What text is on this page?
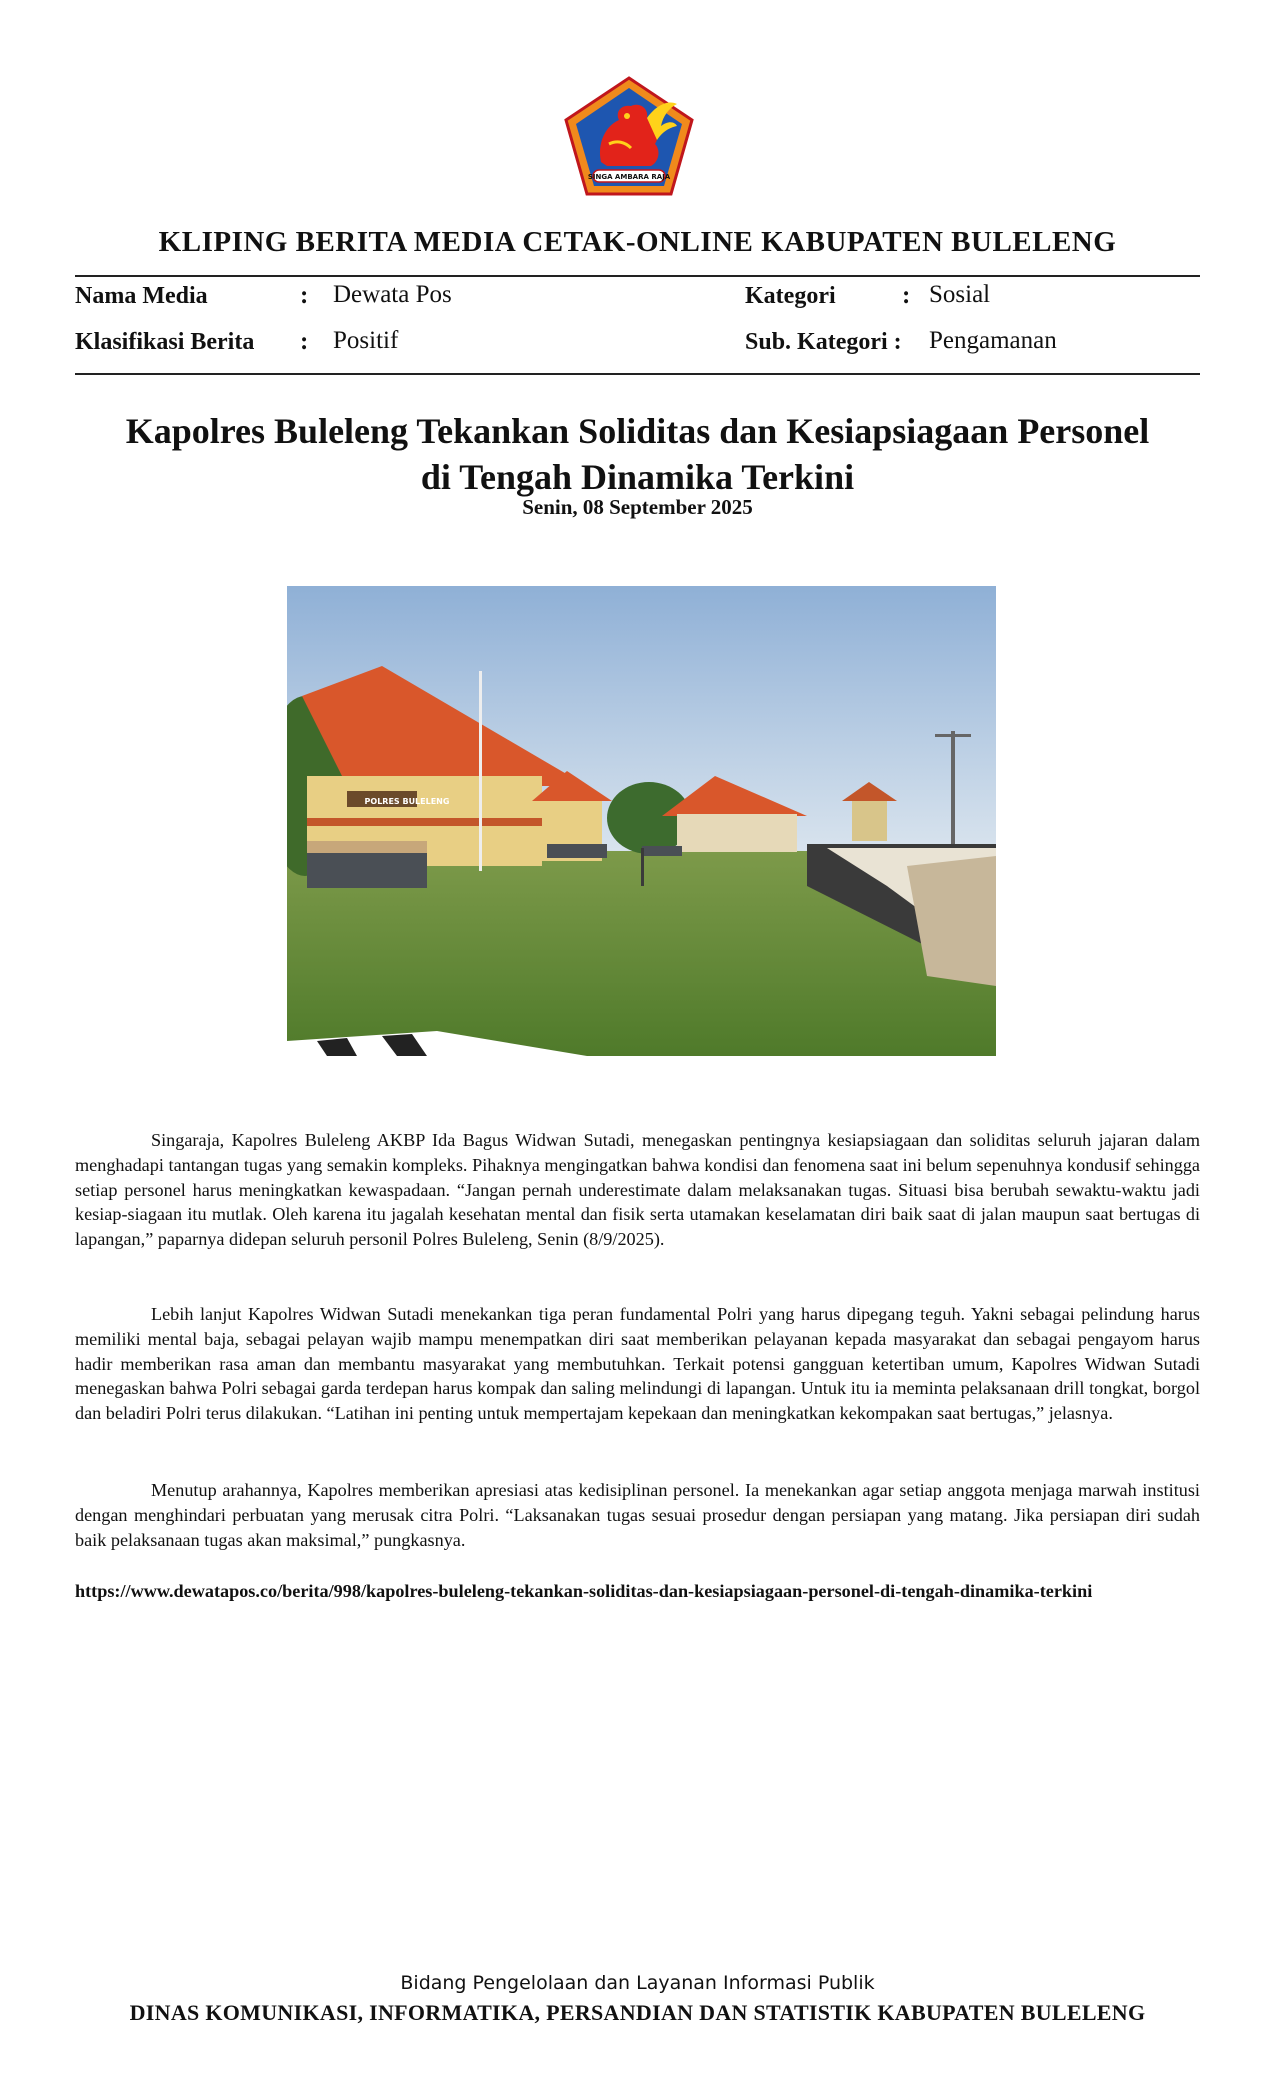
SINGA AMBARA RAJA
KLIPING BERITA MEDIA CETAK-ONLINE KABUPATEN BULELENG
Nama Media	: Dewata Pos	Kategori	: Sosial
Klasifikasi Berita : Positif	Sub. Kategori : Pengamanan
Kapolres Buleleng Tekankan Soliditas dan Kesiapsiagaan Personel
di Tengah Dinamika Terkini
Senin, 08 September 2025
POLRES BULELENG

Singaraja, Kapolres Buleleng AKBP Ida Bagus Widwan Sutadi, menegaskan pentingnya kesiapsiagaan dan soliditas seluruh jajaran dalam menghadapi tantangan tugas yang semakin kompleks. Pihaknya mengingatkan bahwa kondisi dan fenomena saat ini belum sepenuhnya kondusif sehingga setiap personel harus meningkatkan kewaspadaan. “Jangan pernah underestimate dalam melaksanakan tugas. Situasi bisa berubah sewaktu-waktu jadi kesiap-siagaan itu mutlak. Oleh karena itu jagalah kesehatan mental dan fisik serta utamakan keselamatan diri baik saat di jalan maupun saat bertugas di lapangan,” paparnya didepan seluruh personil Polres Buleleng, Senin (8/9/2025).

Lebih lanjut Kapolres Widwan Sutadi menekankan tiga peran fundamental Polri yang harus dipegang teguh. Yakni sebagai pelindung harus memiliki mental baja, sebagai pelayan wajib mampu menempatkan diri saat memberikan pelayanan kepada masyarakat dan sebagai pengayom harus hadir memberikan rasa aman dan membantu masyarakat yang membutuhkan. Terkait potensi gangguan ketertiban umum, Kapolres Widwan Sutadi menegaskan bahwa Polri sebagai garda terdepan harus kompak dan saling melindungi di lapangan. Untuk itu ia meminta pelaksanaan drill tongkat, borgol dan beladiri Polri terus dilakukan. “Latihan ini penting untuk mempertajam kepekaan dan meningkatkan kekompakan saat bertugas,” jelasnya.

Menutup arahannya, Kapolres memberikan apresiasi atas kedisiplinan personel. Ia menekankan agar setiap anggota menjaga marwah institusi dengan menghindari perbuatan yang merusak citra Polri. “Laksanakan tugas sesuai prosedur dengan persiapan yang matang. Jika persiapan diri sudah baik pelaksanaan tugas akan maksimal,” pungkasnya.

https://www.dewatapos.co/berita/998/kapolres-buleleng-tekankan-soliditas-dan-kesiapsiagaan-personel-di-tengah-dinamika-terkini
Bidang Pengelolaan dan Layanan Informasi Publik
DINAS KOMUNIKASI, INFORMATIKA, PERSANDIAN DAN STATISTIK KABUPATEN BULELENG
